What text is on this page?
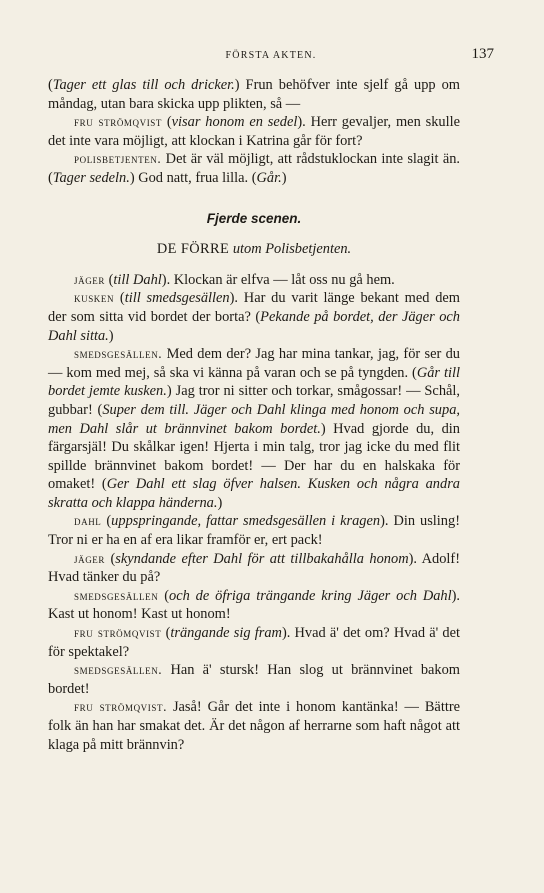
FÖRSTA AKTEN.	137

(Tager ett glas till och dricker.) Frun behöfver inte sjelf gå upp om måndag, utan bara skicka upp plikten, så —

fru strömqvist (visar honom en sedel). Herr gevaljer, men skulle det inte vara möjligt, att klockan i Katrina går för fort?

polisbetjenten. Det är väl möjligt, att rådstuklockan inte slagit än. (Tager sedeln.) God natt, frua lilla. (Går.)

Fjerde scenen.
DE FÖRRE utom Polisbetjenten.

jäger (till Dahl). Klockan är elfva — låt oss nu gå hem.

kusken (till smedsgesällen). Har du varit länge bekant med dem der som sitta vid bordet der borta? (Pekande på bordet, der Jäger och Dahl sitta.)

smedsgesällen. Med dem der? Jag har mina tankar, jag, för ser du — kom med mej, så ska vi känna på varan och se på tyngden. (Går till bordet jemte kusken.) Jag tror ni sitter och torkar, smågossar! — Schål, gubbar! (Super dem till. Jäger och Dahl klinga med honom och supa, men Dahl slår ut brännvinet bakom bordet.) Hvad gjorde du, din färgarsjäl! Du skålkar igen! Hjerta i min talg, tror jag icke du med flit spillde brännvinet bakom bordet! — Der har du en halskaka för omaket! (Ger Dahl ett slag öfver halsen. Kusken och några andra skratta och klappa händerna.)

dahl (uppspringande, fattar smedsgesällen i kragen). Din usling! Tror ni er ha en af era likar framför er, ert pack!

jäger (skyndande efter Dahl för att tillbakahålla honom). Adolf! Hvad tänker du på?

smedsgesällen (och de öfriga trängande kring Jäger och Dahl). Kast ut honom! Kast ut honom!

fru strömqvist (trängande sig fram). Hvad ä' det om? Hvad ä' det för spektakel?

smedsgesällen. Han ä' stursk! Han slog ut brännvinet bakom bordet!

fru strömqvist. Jaså! Går det inte i honom kantänka! — Bättre folk än han har smakat det. Är det någon af herrarne som haft något att klaga på mitt brännvin?
